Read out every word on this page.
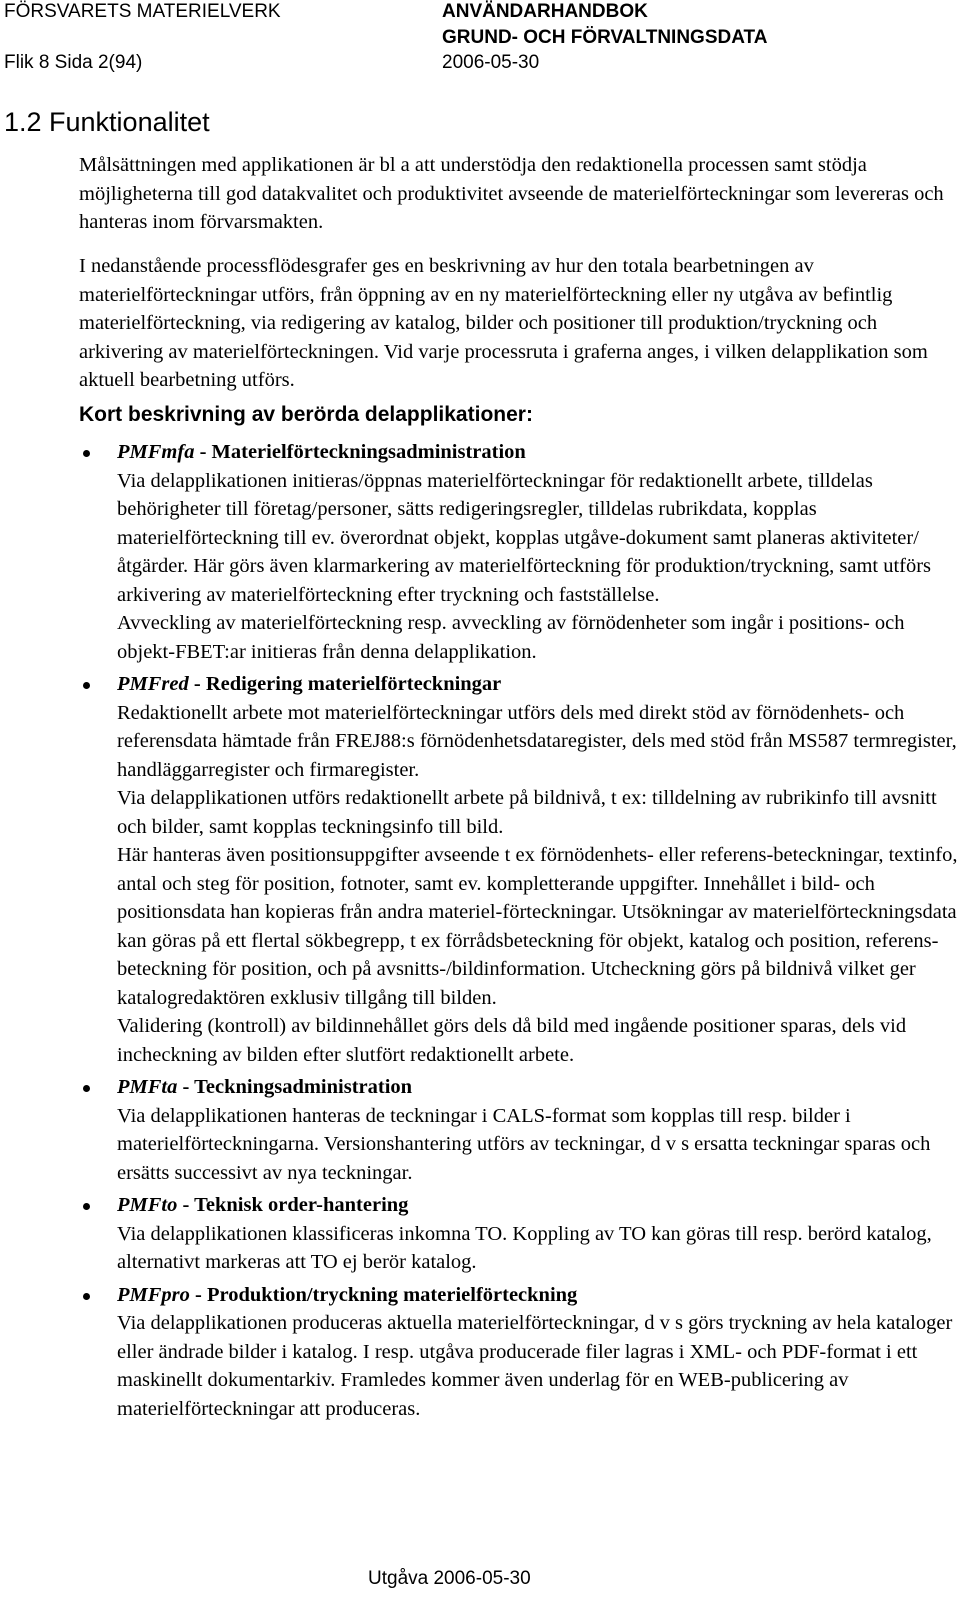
FÖRSVARETS MATERIELVERK
Flik 8 Sida 2(94)
ANVÄNDARHANDBOK
GRUND- OCH FÖRVALTNINGSDATA
2006-05-30
1.2 Funktionalitet
Målsättningen med applikationen är bl a att understödja den redaktionella processen samt stödja möjligheterna till god datakvalitet och produktivitet avseende de materielförteckningar som levereras och hanteras inom förvarsmakten.
I nedanstående processflödesgrafer ges en beskrivning av hur den totala bearbetningen av materielförteckningar utförs, från öppning av en ny materielförteckning eller ny utgåva av befintlig materielförteckning, via redigering av katalog, bilder och positioner till produktion/tryckning och arkivering av materielförteckningen. Vid varje processruta i graferna anges, i vilken delapplikation som aktuell bearbetning utförs.
Kort beskrivning av berörda delapplikationer:
PMFmfa - Materielförteckningsadministration
Via delapplikationen initieras/öppnas materielförteckningar för redaktionellt arbete, tilldelas behörigheter till företag/personer, sätts redigeringsregler, tilldelas rubrikdata, kopplas materielförteckning till ev. överordnat objekt, kopplas utgåve-dokument samt planeras aktiviteter/åtgärder. Här görs även klarmarkering av materielförteckning för produktion/tryckning, samt utförs arkivering av materielförteckning efter tryckning och fastställelse.
Avveckling av materielförteckning resp. avveckling av förnödenheter som ingår i positions- och objekt-FBET:ar initieras från denna delapplikation.
PMFred - Redigering materielförteckningar
Redaktionellt arbete mot materielförteckningar utförs dels med direkt stöd av förnödenhets- och referensdata hämtade från FREJ88:s förnödenhetsdataregister, dels med stöd från MS587 termregister, handläggarregister och firmaregister.
Via delapplikationen utförs redaktionellt arbete på bildnivå, t ex: tilldelning av rubrikinfo till avsnitt och bilder, samt kopplas teckningsinfo till bild.
Här hanteras även positionsuppgifter avseende t ex förnödenhets- eller referens-beteckningar, textinfo, antal och steg för position, fotnoter, samt ev. kompletterande uppgifter. Innehållet i bild- och positionsdata han kopieras från andra materiel-förteckningar. Utsökningar av materielförteckningsdata kan göras på ett flertal sökbegrepp, t ex förrådsbeteckning för objekt, katalog och position, referens-beteckning för position, och på avsnitts-/bildinformation. Utcheckning görs på bildnivå vilket ger katalogredaktören exklusiv tillgång till bilden.
Validering (kontroll) av bildinnehållet görs dels då bild med ingående positioner sparas, dels vid incheckning av bilden efter slutfört redaktionellt arbete.
PMFta - Teckningsadministration
Via delapplikationen hanteras de teckningar i CALS-format som kopplas till resp. bilder i materielförteckningarna. Versionshantering utförs av teckningar, d v s ersatta teckningar sparas och ersätts successivt av nya teckningar.
PMFto - Teknisk order-hantering
Via delapplikationen klassificeras inkomna TO. Koppling av TO kan göras till resp. berörd katalog, alternativt markeras att TO ej berör katalog.
PMFpro - Produktion/tryckning materielförteckning
Via delapplikationen produceras aktuella materielförteckningar, d v s görs tryckning av hela kataloger eller ändrade bilder i katalog. I resp. utgåva producerade filer lagras i XML- och PDF-format i ett maskinellt dokumentarkiv. Framledes kommer även underlag för en WEB-publicering av materielförteckningar att produceras.
Utgåva 2006-05-30
